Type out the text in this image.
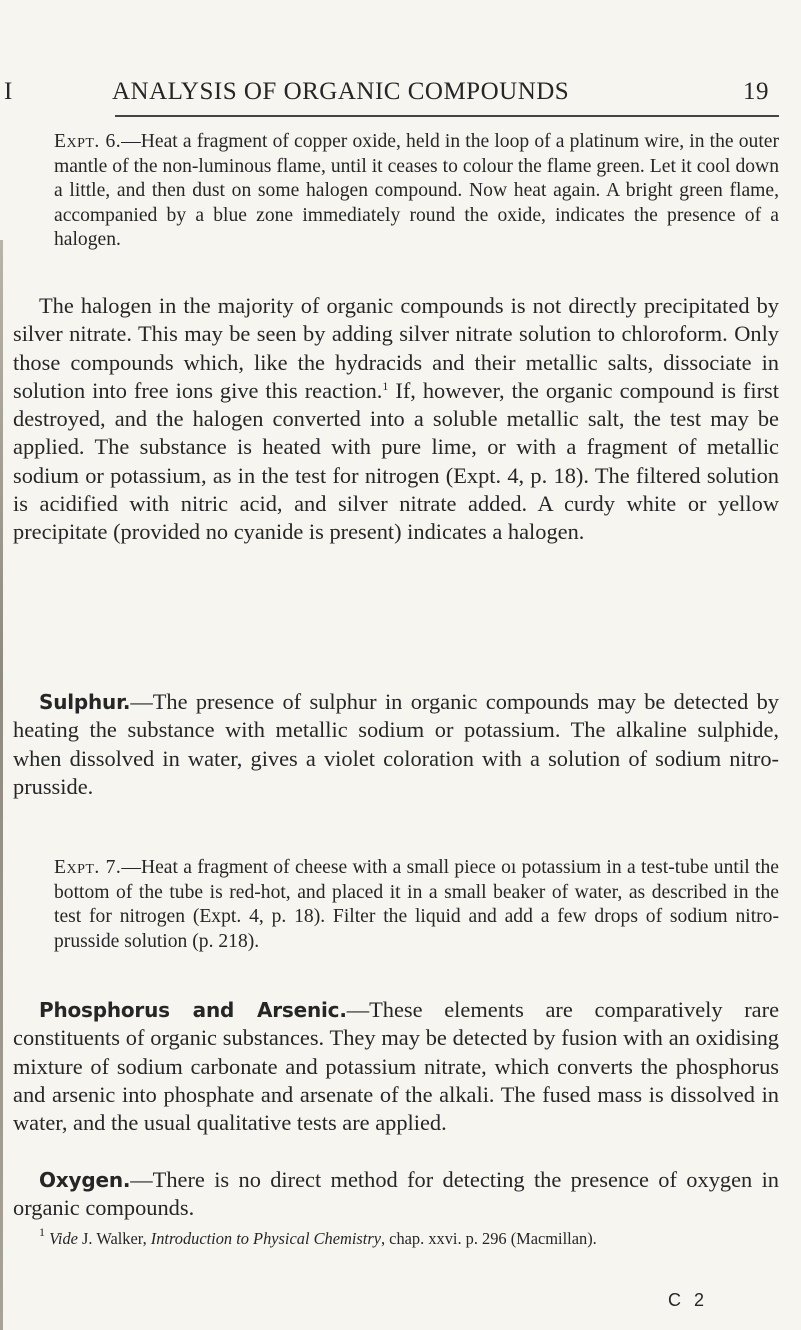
I	ANALYSIS OF ORGANIC COMPOUNDS	19

Expt. 6.—Heat a fragment of copper oxide, held in the loop of a platinum wire, in the outer mantle of the non-luminous flame, until it ceases to colour the flame green. Let it cool down a little, and then dust on some halogen compound. Now heat again. A bright green flame, accompanied by a blue zone immediately round the oxide, indicates the presence of a halogen.

The halogen in the majority of organic compounds is not directly precipitated by silver nitrate. This may be seen by adding silver nitrate solution to chloroform. Only those compounds which, like the hydracids and their metallic salts, dissociate in solution into free ions give this reaction.$^1$ If, however, the organic compound is first destroyed, and the halogen converted into a soluble metallic salt, the test may be applied. The substance is heated with pure lime, or with a fragment of metallic sodium or potassium, as in the test for nitrogen (Expt. 4, p. 18). The filtered solution is acidified with nitric acid, and silver nitrate added. A curdy white or yellow precipitate (provided no cyanide is present) indicates a halogen.

Sulphur.—The presence of sulphur in organic compounds may be detected by heating the substance with metallic sodium or potassium. The alkaline sulphide, when dissolved in water, gives a violet coloration with a solution of sodium nitro-prusside.

Expt. 7.—Heat a fragment of cheese with a small piece oı potassium in a test-tube until the bottom of the tube is red-hot, and placed it in a small beaker of water, as described in the test for nitrogen (Expt. 4, p. 18). Filter the liquid and add a few drops of sodium nitro-prusside solution (p. 218).

Phosphorus and Arsenic.—These elements are comparatively rare constituents of organic substances. They may be detected by fusion with an oxidising mixture of sodium carbonate and potassium nitrate, which converts the phosphorus and arsenic into phosphate and arsenate of the alkali. The fused mass is dissolved in water, and the usual qualitative tests are applied.

Oxygen.—There is no direct method for detecting the presence of oxygen in organic compounds.

$^1$ Vide J. Walker, Introduction to Physical Chemistry, chap. xxvi. p. 296 (Macmillan).

C 2
